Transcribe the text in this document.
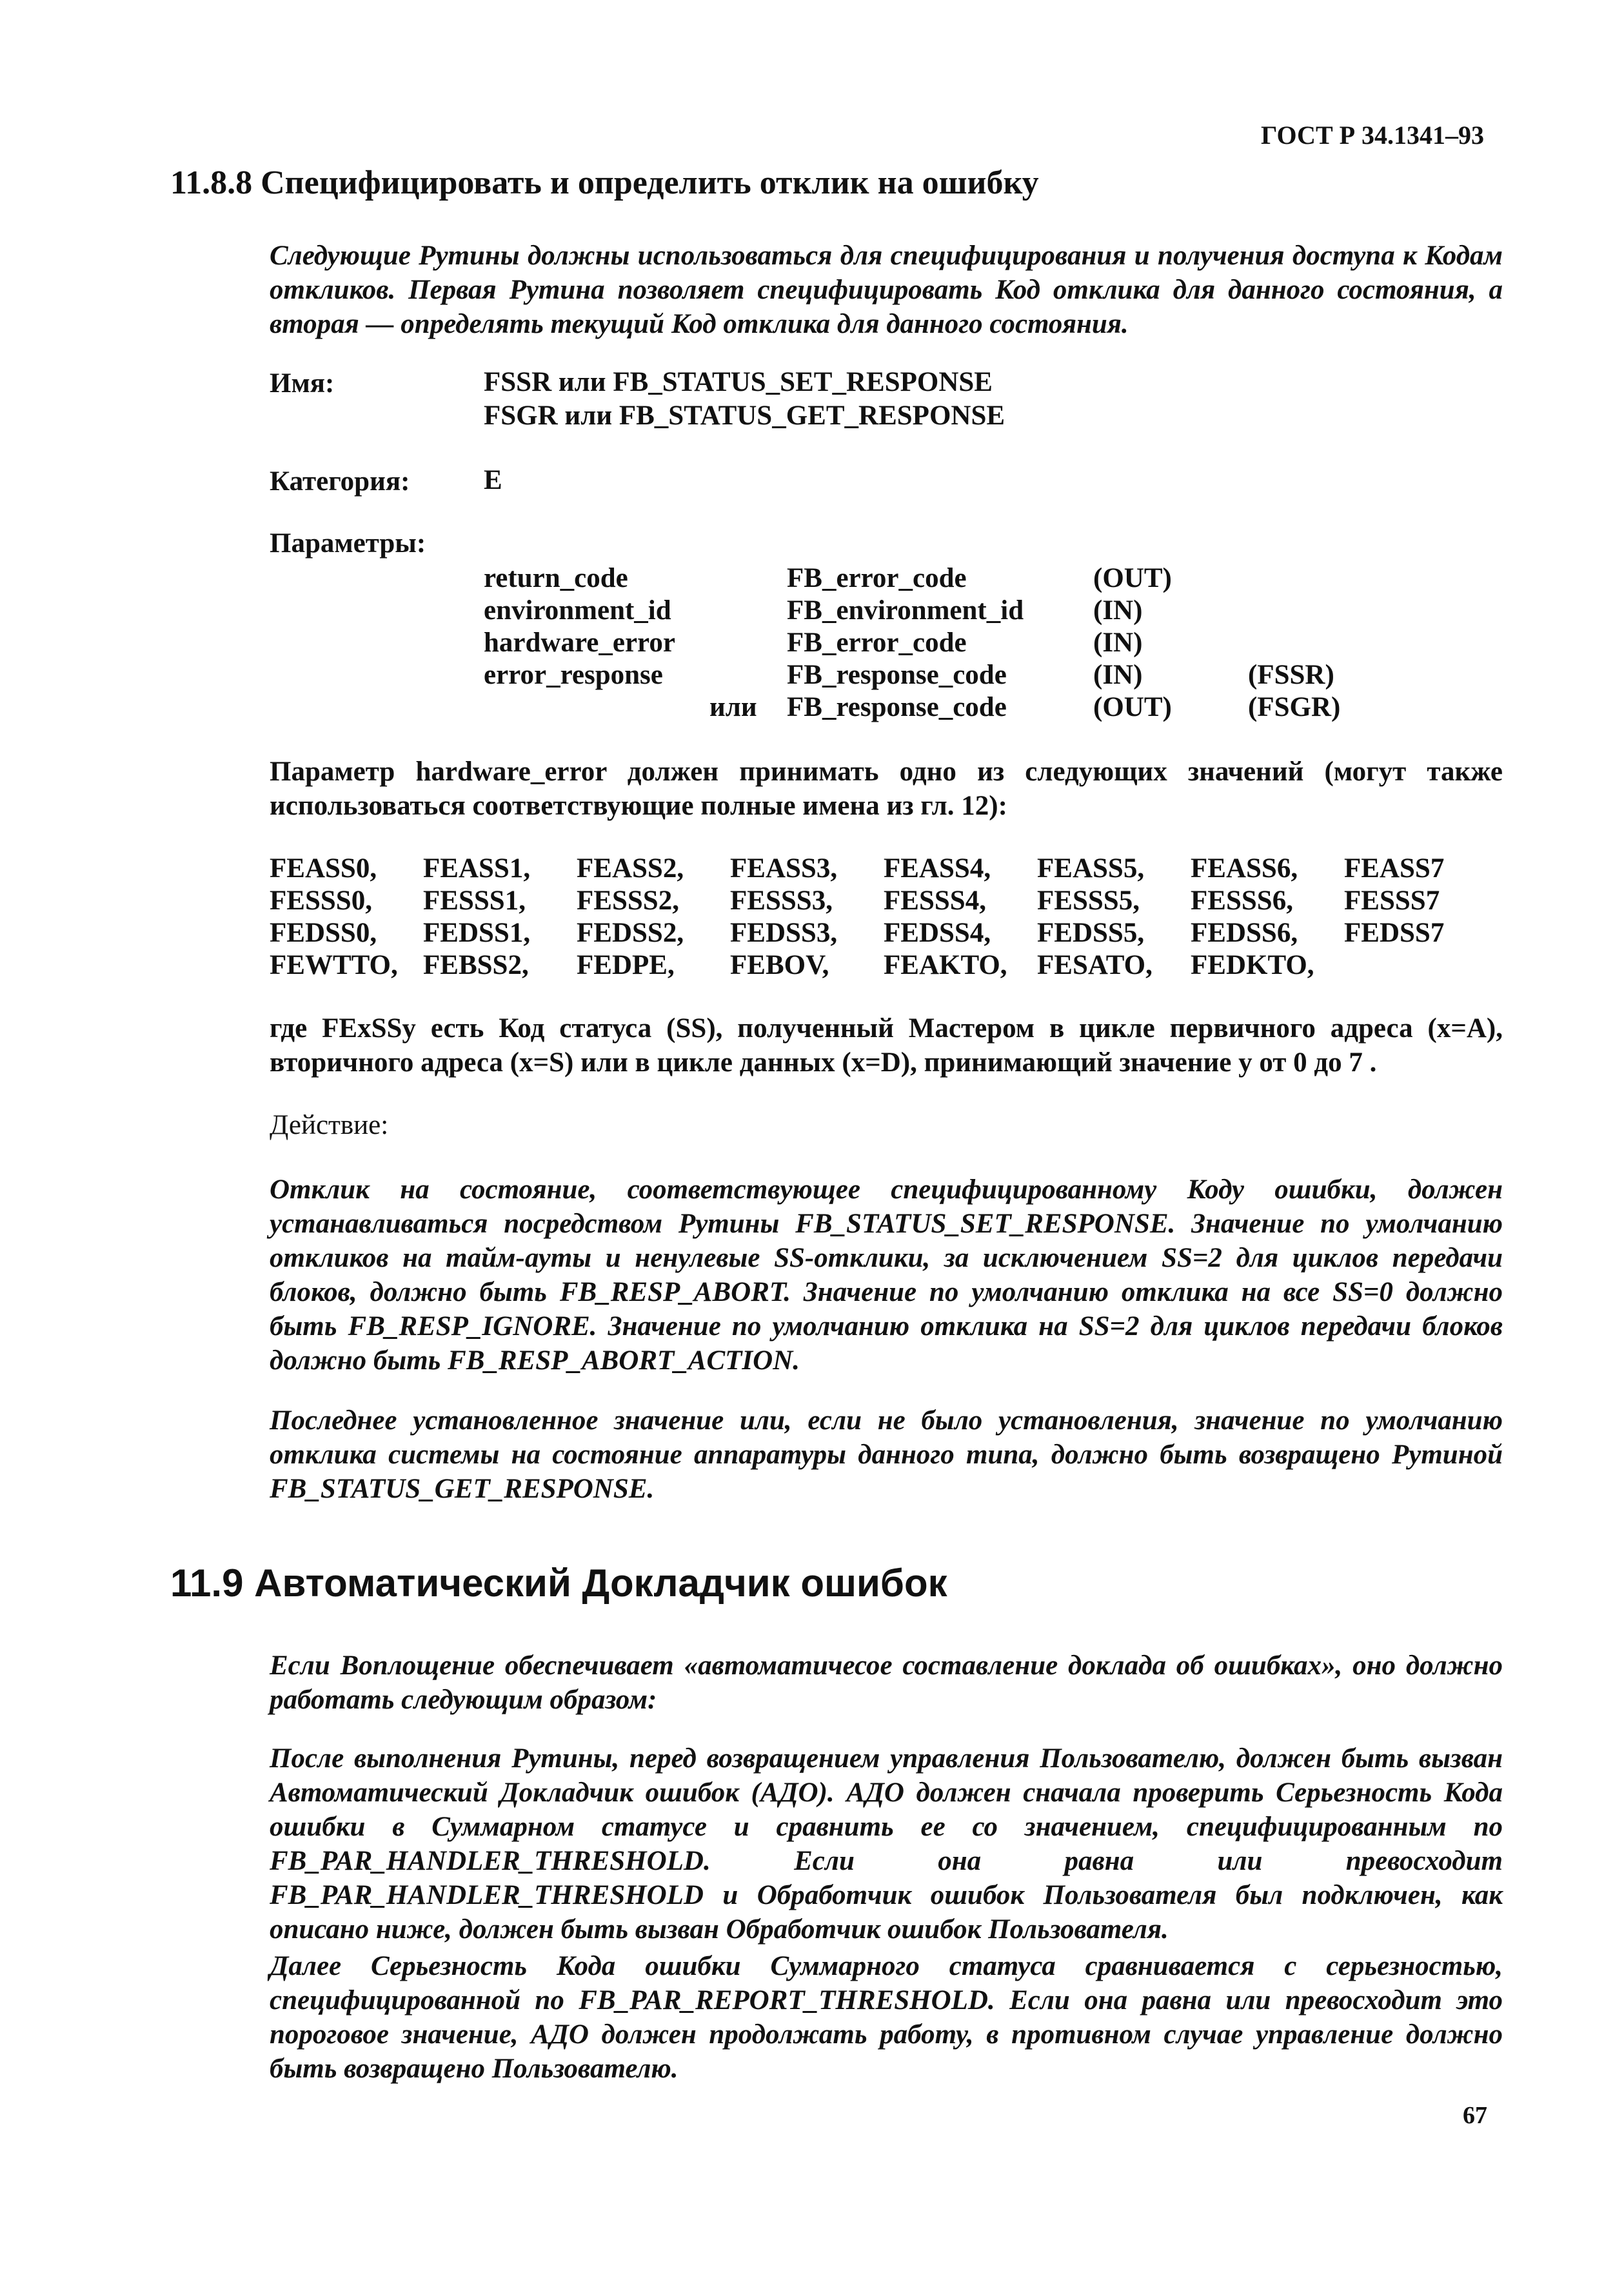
ГОСТ Р 34.1341–93
11.8.8 Специфицировать и определить отклик на ошибку
Следующие Рутины должны использоваться для специфицирования и получения доступа к Кодам откликов. Первая Рутина позволяет специфицировать Код отклика для данного состояния, а вторая — определять текущий Код отклика для данного состояния.
Имя:	FSSR или FB_STATUS_SET_RESPONSE
FSGR или FB_STATUS_GET_RESPONSE
Категория:	E
Параметры:
return_code		FB_error_code	(OUT)	
environment_id		FB_environment_id	(IN)	
hardware_error		FB_error_code	(IN)	
error_response		FB_response_code	(IN)	(FSSR)
	или	FB_response_code	(OUT)	(FSGR)
Параметр hardware_error должен принимать одно из следующих значений (могут также использоваться соответствующие полные имена из гл. 12):
FEASS0,	FEASS1,	FEASS2,	FEASS3,	FEASS4,	FEASS5,	FEASS6,	FEASS7
FESSS0,	FESSS1,	FESSS2,	FESSS3,	FESSS4,	FESSS5,	FESSS6,	FESSS7
FEDSS0,	FEDSS1,	FEDSS2,	FEDSS3,	FEDSS4,	FEDSS5,	FEDSS6,	FEDSS7
FEWTTO,	FEBSS2,	FEDPE,	FEBOV,	FEAKTO,	FESATO,	FEDKTO,	
где FExSSy есть Код статуса (SS), полученный Мастером в цикле первичного адреса (x=A), вторичного адреса (x=S) или в цикле данных (x=D), принимающий значение y от 0 до 7 .
Действие:
Отклик на состояние, соответствующее специфицированному Коду ошибки, должен устанавливаться посредством Рутины FB_STATUS_SET_RESPONSE. Значение по умолчанию откликов на тайм-ауты и ненулевые SS-отклики, за исключением SS=2 для циклов передачи блоков, должно быть FB_RESP_ABORT. Значение по умолчанию отклика на все SS=0 должно быть FB_RESP_IGNORE. Значение по умолчанию отклика на SS=2 для циклов передачи блоков должно быть FB_RESP_ABORT_ACTION.
Последнее установленное значение или, если не было установления, значение по умолчанию отклика системы на состояние аппаратуры данного типа, должно быть возвращено Рутиной FB_STATUS_GET_RESPONSE.
11.9 Автоматический Докладчик ошибок
Если Воплощение обеспечивает «автоматичесое составление доклада об ошибках», оно должно работать следующим образом:
После выполнения Рутины, перед возвращением управления Пользователю, должен быть вызван Автоматический Докладчик ошибок (АДО). АДО должен сначала проверить Серьезность Кода ошибки в Суммарном статусе и сравнить ее со значением, специфицированным по FB_PAR_HANDLER_THRESHOLD. Если она равна или превосходит FB_PAR_HANDLER_THRESHOLD и Обработчик ошибок Пользователя был подключен, как описано ниже, должен быть вызван Обработчик ошибок Пользователя.
Далее Серьезность Кода ошибки Суммарного статуса сравнивается с серьезностью, специфицированной по FB_PAR_REPORT_THRESHOLD. Если она равна или превосходит это пороговое значение, АДО должен продолжать работу, в противном случае управление должно быть возвращено Пользователю.
67
